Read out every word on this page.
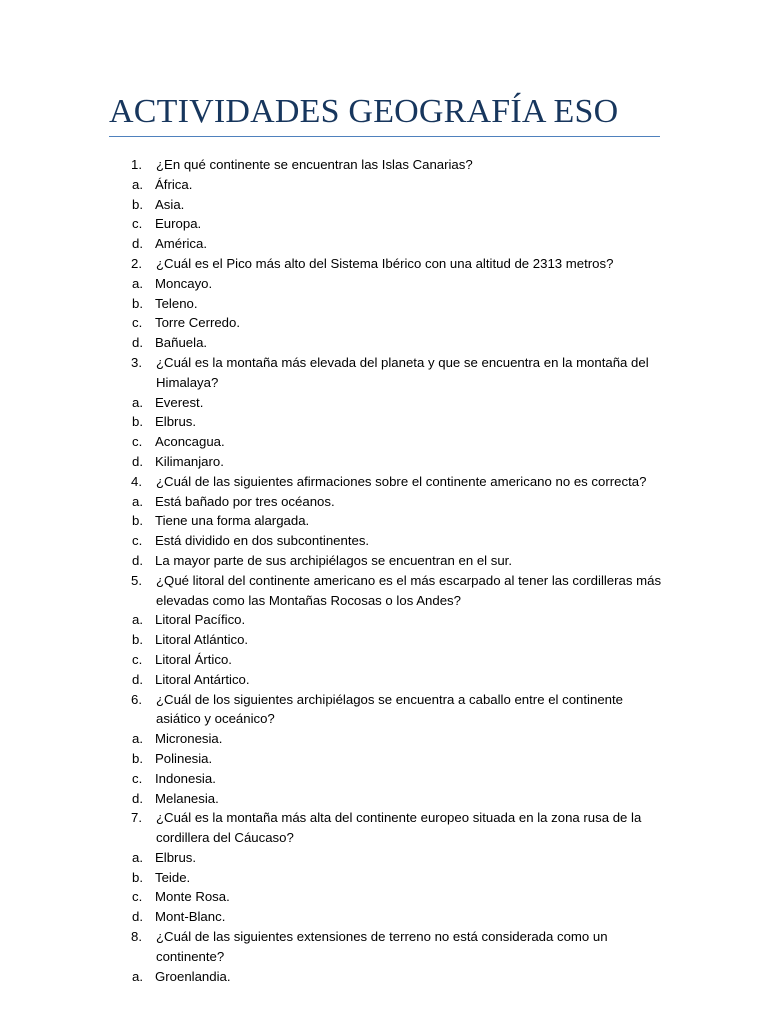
ACTIVIDADES GEOGRAFÍA ESO
1. ¿En qué continente se encuentran las Islas Canarias?
a. África.
b. Asia.
c. Europa.
d. América.
2. ¿Cuál es el Pico más alto del Sistema Ibérico con una altitud de 2313 metros?
a. Moncayo.
b. Teleno.
c. Torre Cerredo.
d. Bañuela.
3. ¿Cuál es la montaña más elevada del planeta y que se encuentra en la montaña del Himalaya?
a. Everest.
b. Elbrus.
c. Aconcagua.
d. Kilimanjaro.
4. ¿Cuál de las siguientes afirmaciones sobre el continente americano no es correcta?
a. Está bañado por tres océanos.
b. Tiene una forma alargada.
c. Está dividido en dos subcontinentes.
d. La mayor parte de sus archipiélagos se encuentran en el sur.
5. ¿Qué litoral del continente americano es el más escarpado al tener las cordilleras más elevadas como las Montañas Rocosas o los Andes?
a. Litoral Pacífico.
b. Litoral Atlántico.
c. Litoral Ártico.
d. Litoral Antártico.
6. ¿Cuál de los siguientes archipiélagos se encuentra a caballo entre el continente asiático y oceánico?
a. Micronesia.
b. Polinesia.
c. Indonesia.
d. Melanesia.
7. ¿Cuál es la montaña más alta del continente europeo situada en la zona rusa de la cordillera del Cáucaso?
a. Elbrus.
b. Teide.
c. Monte Rosa.
d. Mont-Blanc.
8. ¿Cuál de las siguientes extensiones de terreno no está considerada como un continente?
a. Groenlandia.
